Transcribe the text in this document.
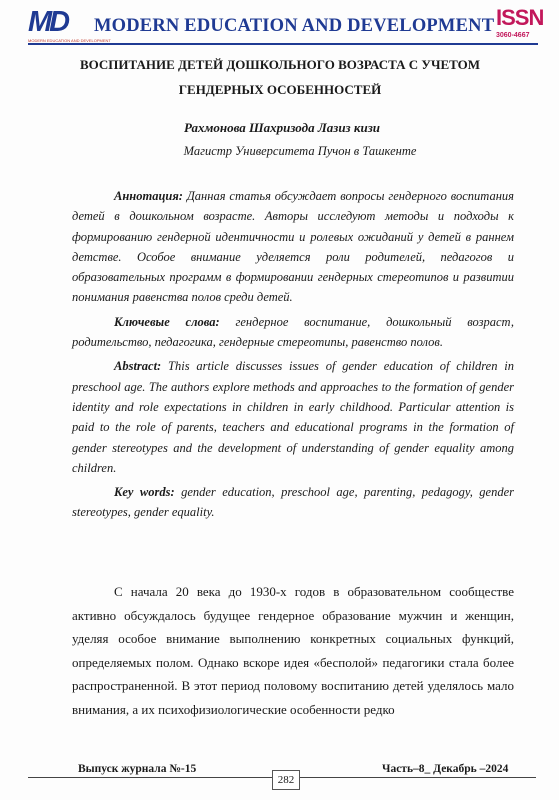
MD
MODERN EDUCATION AND DEVELOPMENT
MODERN EDUCATION AND DEVELOPMENT ISSN
3060-4667
ВОСПИТАНИЕ ДЕТЕЙ ДОШКОЛЬНОГО ВОЗРАСТА С УЧЕТОМ
ГЕНДЕРНЫХ ОСОБЕННОСТЕЙ
Рахмонова Шахризода Лазиз кизи
Магистр Университета Пучон в Ташкенте

Аннотация: Данная статья обсуждает вопросы гендерного воспитания детей в дошкольном возрасте. Авторы исследуют методы и подходы к формированию гендерной идентичности и ролевых ожиданий у детей в раннем детстве. Особое внимание уделяется роли родителей, педагогов и образовательных программ в формировании гендерных стереотипов и развитии понимания равенства полов среди детей.

Ключевые слова: гендерное воспитание, дошкольный возраст, родительство, педагогика, гендерные стереотипы, равенство полов.

Abstract: This article discusses issues of gender education of children in preschool age. The authors explore methods and approaches to the formation of gender identity and role expectations in children in early childhood. Particular attention is paid to the role of parents, teachers and educational programs in the formation of gender stereotypes and the development of understanding of gender equality among children.

Key words: gender education, preschool age, parenting, pedagogy, gender stereotypes, gender equality.

С начала 20 века до 1930-х годов в образовательном сообществе активно обсуждалось будущее гендерное образование мужчин и женщин, уделяя особое внимание выполнению конкретных социальных функций, определяемых полом. Однако вскоре идея «бесполой» педагогики стала более распространенной. В этот период половому воспитанию детей уделялось мало внимания, а их психофизиологические особенности редко

Выпуск журнала №-15	Часть–8_ Декабрь –2024
282
